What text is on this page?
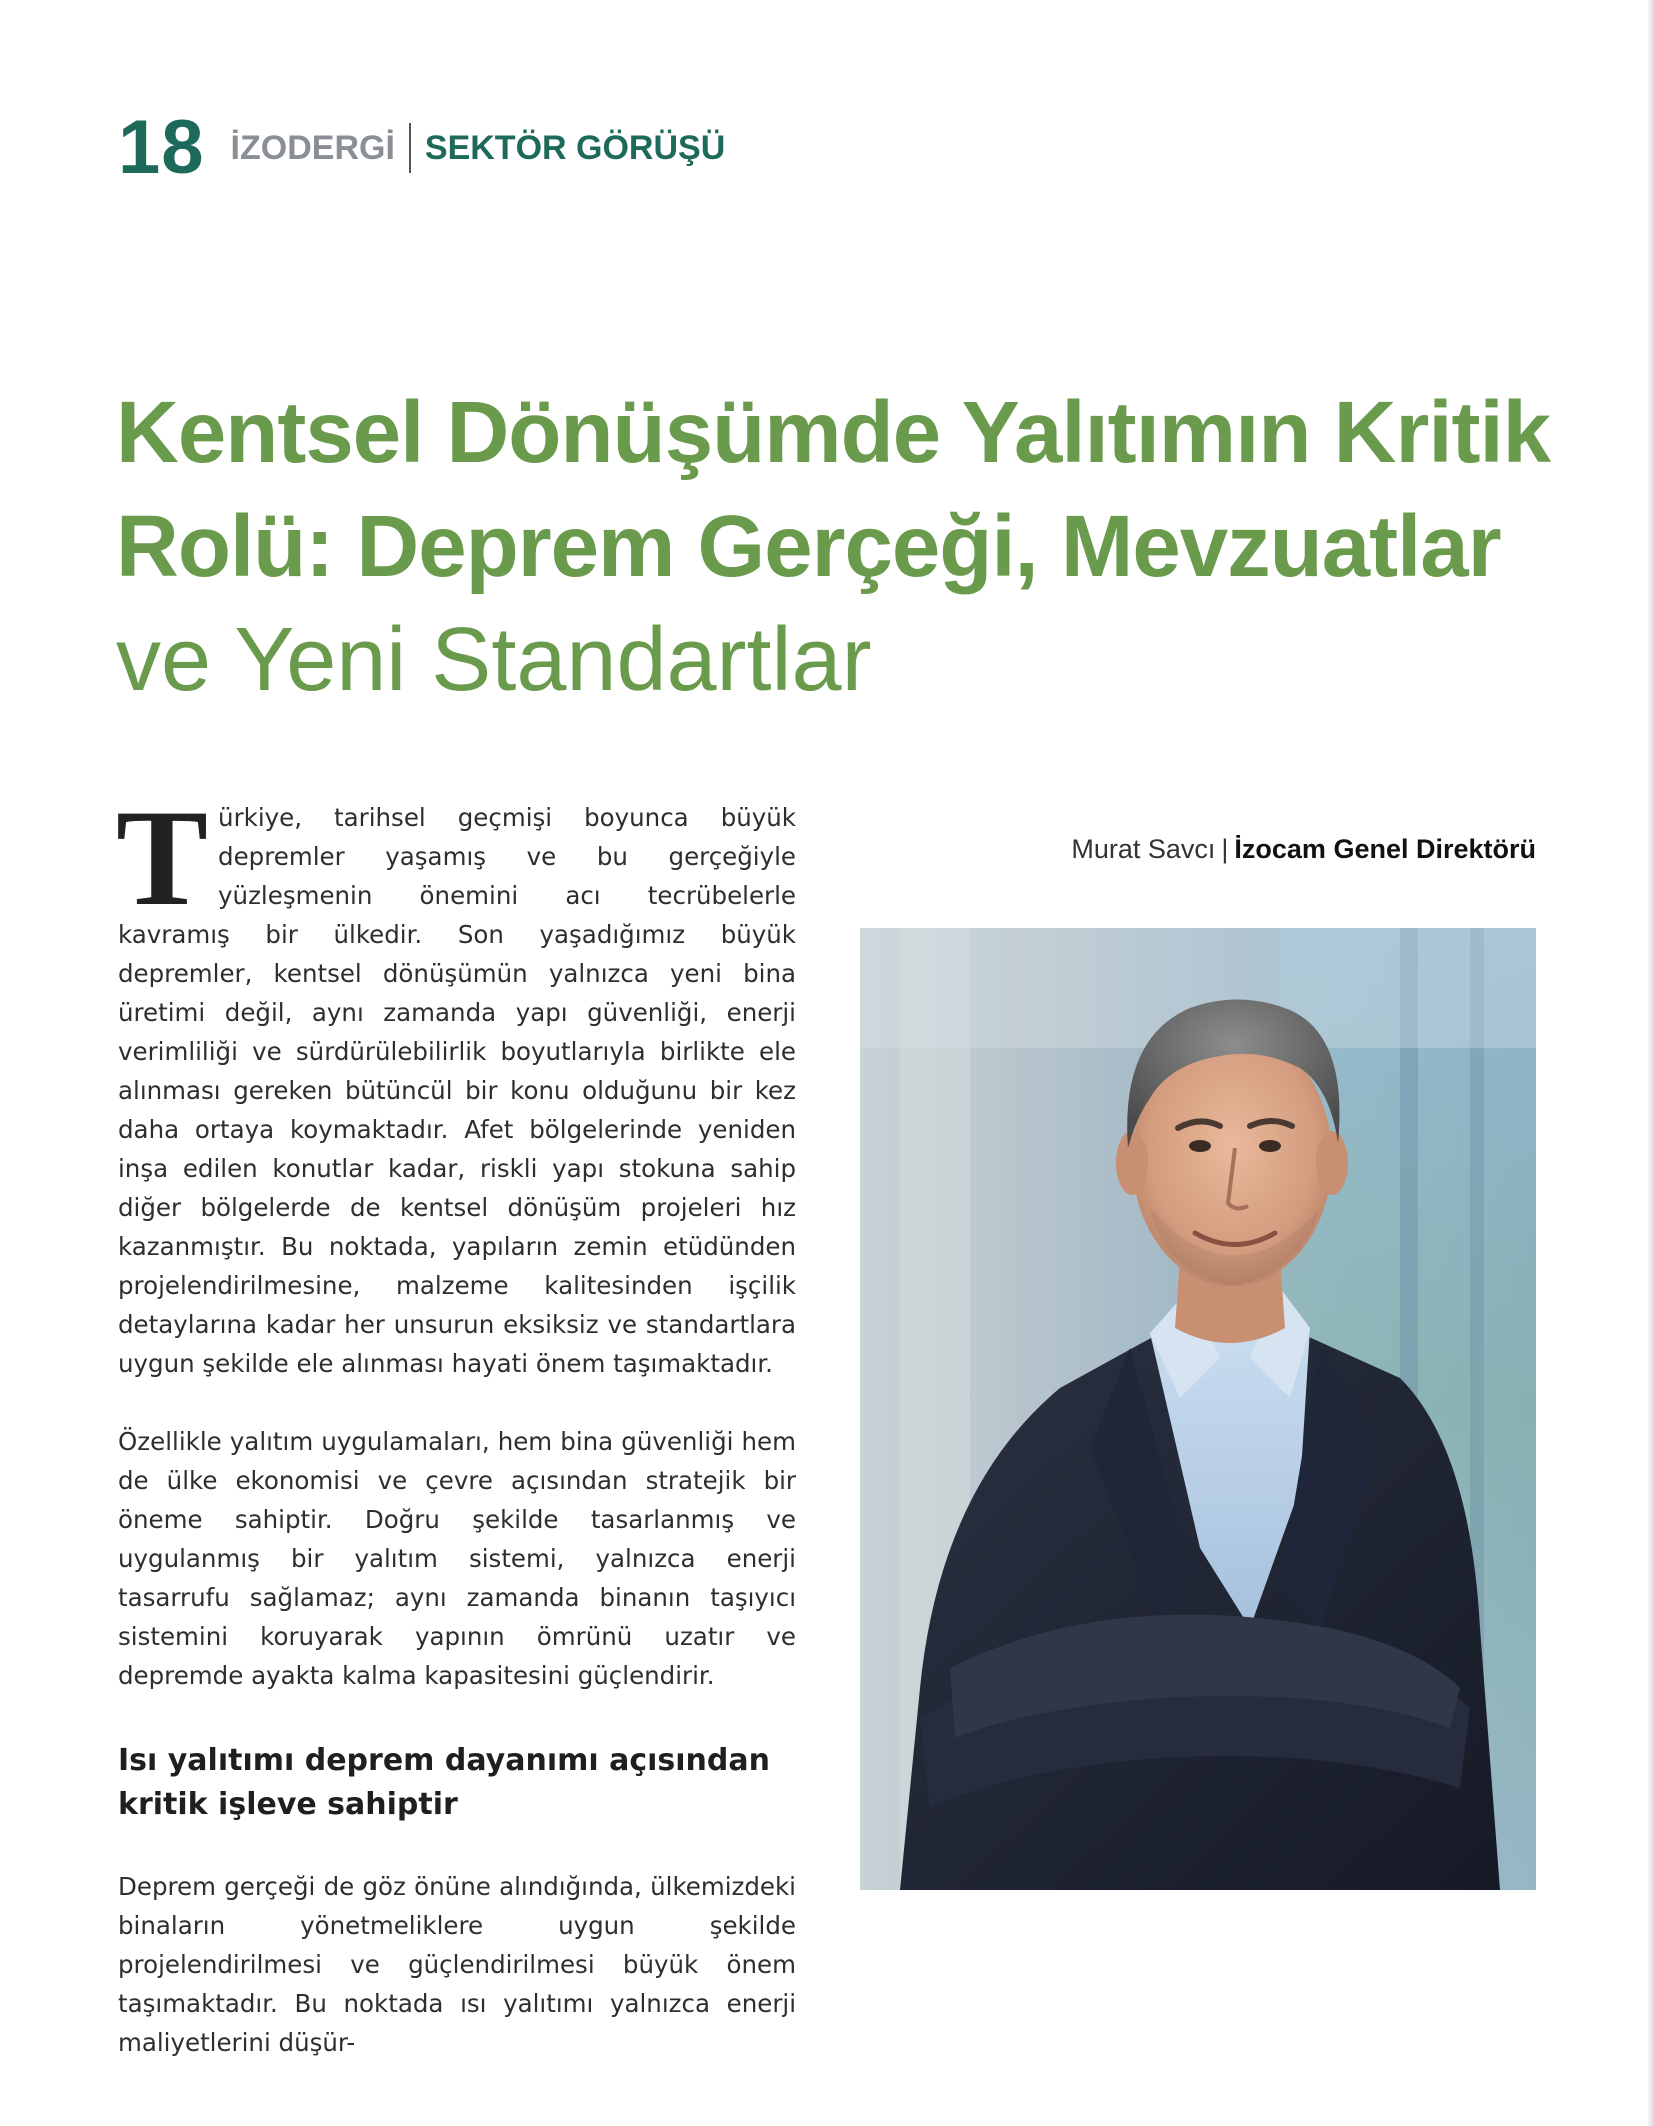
18 İZODERGİ SEKTÖR GÖRÜŞÜ
Kentsel Dönüşümde Yalıtımın Kritik
Rolü: Deprem Gerçeği, Mevzuatlar
ve Yeni Standartlar

Türkiye, tarihsel geçmişi boyunca büyük depremler yaşamış ve bu gerçeğiyle yüzleşmenin önemini acı tecrübelerle kavramış bir ülkedir. Son yaşadığımız büyük depremler, kentsel dönüşümün yalnızca yeni bina üretimi değil, aynı zamanda yapı güvenliği, enerji verimliliği ve sürdürülebilirlik boyutlarıyla birlikte ele alınması gereken bütüncül bir konu olduğunu bir kez daha ortaya koymaktadır. Afet bölgelerinde yeniden inşa edilen konutlar kadar, riskli yapı stokuna sahip diğer bölgelerde de kentsel dönüşüm projeleri hız kazanmıştır. Bu noktada, yapıların zemin etüdünden projelendirilmesine, malzeme kalitesinden işçilik detaylarına kadar her unsurun eksiksiz ve standartlara uygun şekilde ele alınması hayati önem taşımaktadır.

Özellikle yalıtım uygulamaları, hem bina güvenliği hem de ülke ekonomisi ve çevre açısından stratejik bir öneme sahiptir. Doğru şekilde tasarlanmış ve uygulanmış bir yalıtım sistemi, yalnızca enerji tasarrufu sağlamaz; aynı zamanda binanın taşıyıcı sistemini koruyarak yapının ömrünü uzatır ve depremde ayakta kalma kapasitesini güçlendirir.

Isı yalıtımı deprem dayanımı açısından kritik işleve sahiptir

Deprem gerçeği de göz önüne alındığında, ülkemizdeki binaların yönetmeliklere uygun şekilde projelendirilmesi ve güçlendirilmesi büyük önem taşımaktadır. Bu noktada ısı yalıtımı yalnızca enerji maliyetlerini düşür-

Murat Savcı | İzocam Genel Direktörü
